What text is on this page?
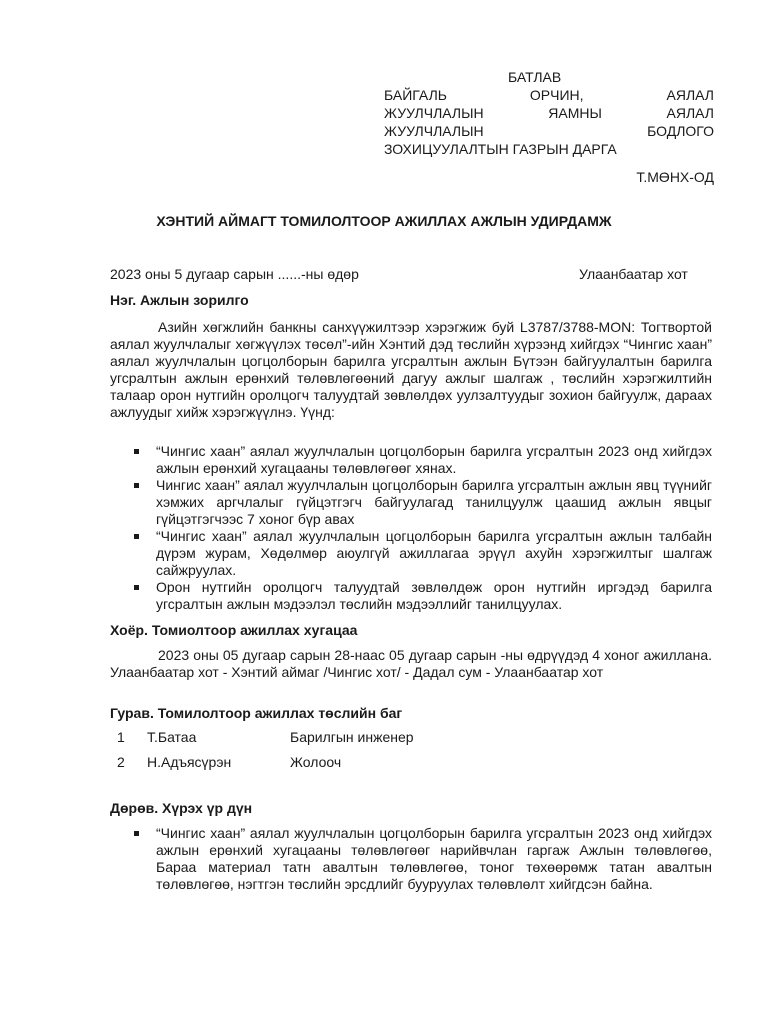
БАТЛАВ
БАЙГАЛЬ ОРЧИН, АЯЛАЛ
ЖУУЛЧЛАЛЫН ЯАМНЫ АЯЛАЛ
ЖУУЛЧЛАЛЫН БОДЛОГО
ЗОХИЦУУЛАЛТЫН ГАЗРЫН ДАРГА
Т.МӨНХ-ОД
ХЭНТИЙ АЙМАГТ ТОМИЛОЛТООР АЖИЛЛАХ АЖЛЫН УДИРДАМЖ
2023 оны 5 дугаар сарын ......-ны өдөр	Улаанбаатар хот
Нэг. Ажлын зорилго
Азийн хөгжлийн банкны санхүүжилтээр хэрэгжиж буй L3787/3788-MON: Тогтвортой аялал жуулчлалыг хөгжүүлэх төсөл”-ийн Хэнтий дэд төслийн хүрээнд хийгдэх “Чингис хаан” аялал жуулчлалын цогцолборын барилга угсралтын ажлын Бүтээн байгуулалтын барилга угсралтын ажлын ерөнхий төлөвлөгөөний дагуу ажлыг шалгаж , төслийн хэрэгжилтийн талаар орон нутгийн оролцогч талуудтай зөвлөлдөх уулзалтуудыг зохион байгуулж, дараах ажлуудыг хийж хэрэгжүүлнэ. Үүнд:
“Чингис хаан” аялал жуулчлалын цогцолборын барилга угсралтын 2023 онд хийгдэх ажлын ерөнхий хугацааны төлөвлөгөөг хянах.
Чингис хаан” аялал жуулчлалын цогцолборын барилга угсралтын ажлын явц түүнийг хэмжих аргчлалыг гүйцэтгэгч байгуулагад танилцуулж цаашид ажлын явцыг гүйцэтгэгчээс 7 хоног бүр авах
“Чингис хаан” аялал жуулчлалын цогцолборын барилга угсралтын ажлын талбайн дүрэм журам, Хөдөлмөр аюулгүй ажиллагаа эрүүл ахуйн хэрэгжилтыг шалгаж сайжруулах.
Орон нутгийн оролцогч талуудтай зөвлөлдөж орон нутгийн иргэдэд барилга угсралтын ажлын мэдээлэл төслийн мэдээллийг танилцуулах.
Хоёр. Томиолтоор ажиллах хугацаа
2023 оны 05 дугаар сарын 28-наас 05 дугаар сарын -ны өдрүүдэд 4 хоног ажиллана. Улаанбаатар хот - Хэнтий аймаг /Чингис хот/ - Дадал сум - Улаанбаатар хот
Гурав. Томилолтоор ажиллах төслийн баг
1 Т.Батаа	Барилгын инженер
2 Н.Адъясүрэн	Жолооч
Дөрөв. Хүрэх үр дүн
“Чингис хаан” аялал жуулчлалын цогцолборын барилга угсралтын 2023 онд хийгдэх ажлын ерөнхий хугацааны төлөвлөгөөг нарийвчлан гаргаж Ажлын төлөвлөгөө, Бараа материал татн авалтын төлөвлөгөө, тоног төхөөрөмж татан авалтын төлөвлөгөө, нэгтгэн төслийн эрсдлийг бууруулах төлөвлөлт хийгдсэн байна.
